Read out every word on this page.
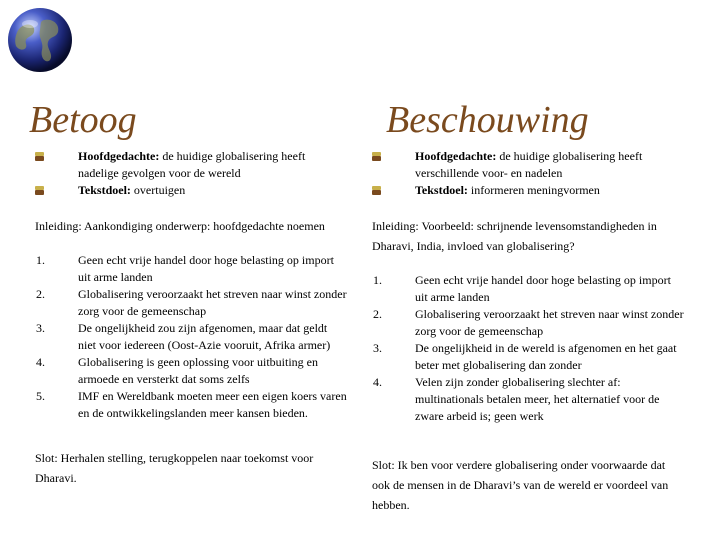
Betoog	Beschouwing
Hoofdgedachte: de huidige globalisering heeft nadelige gevolgen voor de wereld
Tekstdoel: overtuigen
Inleiding: Aankondiging onderwerp: hoofdgedachte noemen
1.	Geen echt vrije handel door hoge belasting op import uit arme landen
2.	Globalisering veroorzaakt het streven naar winst zonder zorg voor de gemeenschap
3.	De ongelijkheid zou zijn afgenomen, maar dat geldt niet voor iedereen (Oost-Azie vooruit, Afrika armer)
4.	Globalisering is geen oplossing voor uitbuiting en armoede en versterkt dat soms zelfs
5.	IMF en Wereldbank moeten meer een eigen koers varen en de ontwikkelingslanden meer kansen bieden.
Slot: Herhalen stelling, terugkoppelen naar toekomst voor Dharavi.
Hoofdgedachte: de huidige globalisering heeft verschillende voor- en nadelen
Tekstdoel: informeren meningvormen
Inleiding: Voorbeeld: schrijnende levensomstandigheden in Dharavi, India, invloed van globalisering?
1.	Geen echt vrije handel door hoge belasting op import uit arme landen
2.	Globalisering veroorzaakt het streven naar winst zonder zorg voor de gemeenschap
3.	De ongelijkheid in de wereld is afgenomen en het gaat beter met globalisering dan zonder
4.	Velen zijn zonder globalisering slechter af: multinationals betalen meer, het alternatief voor de zware arbeid is; geen werk
Slot: Ik ben voor verdere globalisering onder voorwaarde dat ook de mensen in de Dharavi’s van de wereld er voordeel van hebben.
